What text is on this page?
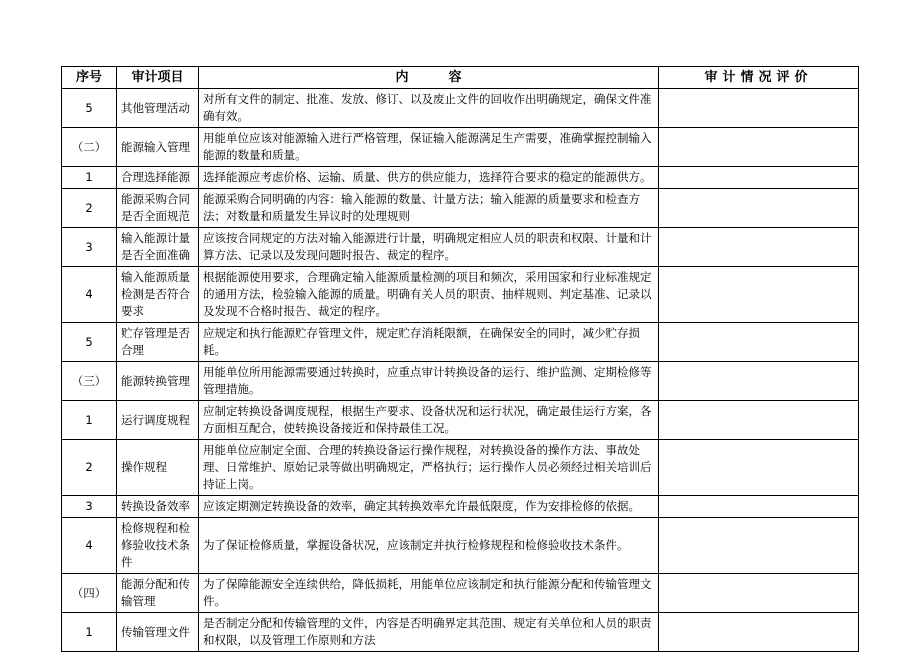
序号	审计项目	内容	审计情况评价
5	其他管理活动	对所有文件的制定、批准、发放、修订、以及废止文件的回收作出明确规定，确保文件准确有效。	
（二）	能源输入管理	用能单位应该对能源输入进行严格管理，保证输入能源满足生产需要，准确掌握控制输入能源的数量和质量。	
1	合理选择能源	选择能源应考虑价格、运输、质量、供方的供应能力，选择符合要求的稳定的能源供方。	
2	能源采购合同是否全面规范	能源采购合同明确的内容：输入能源的数量、计量方法；输入能源的质量要求和检查方法；对数量和质量发生异议时的处理规则	
3	输入能源计量是否全面准确	应该按合同规定的方法对输入能源进行计量，明确规定相应人员的职责和权限、计量和计算方法、记录以及发现问题时报告、裁定的程序。	
4	输入能源质量检测是否符合要求	根据能源使用要求，合理确定输入能源质量检测的项目和频次，采用国家和行业标准规定的通用方法，检验输入能源的质量。明确有关人员的职责、抽样规则、判定基准、记录以及发现不合格时报告、裁定的程序。	
5	贮存管理是否合理	应规定和执行能源贮存管理文件，规定贮存消耗限额，在确保安全的同时，减少贮存损耗。	
（三）	能源转换管理	用能单位所用能源需要通过转换时，应重点审计转换设备的运行、维护监测、定期检修等管理措施。	
1	运行调度规程	应制定转换设备调度规程，根据生产要求、设备状况和运行状况，确定最佳运行方案，各方面相互配合，使转换设备接近和保持最佳工况。	
2	操作规程	用能单位应制定全面、合理的转换设备运行操作规程，对转换设备的操作方法、事故处理、日常维护、原始记录等做出明确规定，严格执行；运行操作人员必须经过相关培训后持证上岗。	
3	转换设备效率	应该定期测定转换设备的效率，确定其转换效率允许最低限度，作为安排检修的依据。	
4	检修规程和检修验收技术条件	为了保证检修质量，掌握设备状况，应该制定并执行检修规程和检修验收技术条件。	
（四）	能源分配和传输管理	为了保障能源安全连续供给，降低损耗，用能单位应该制定和执行能源分配和传输管理文件。	
1	传输管理文件	是否制定分配和传输管理的文件，内容是否明确界定其范围、规定有关单位和人员的职责和权限，以及管理工作原则和方法	
